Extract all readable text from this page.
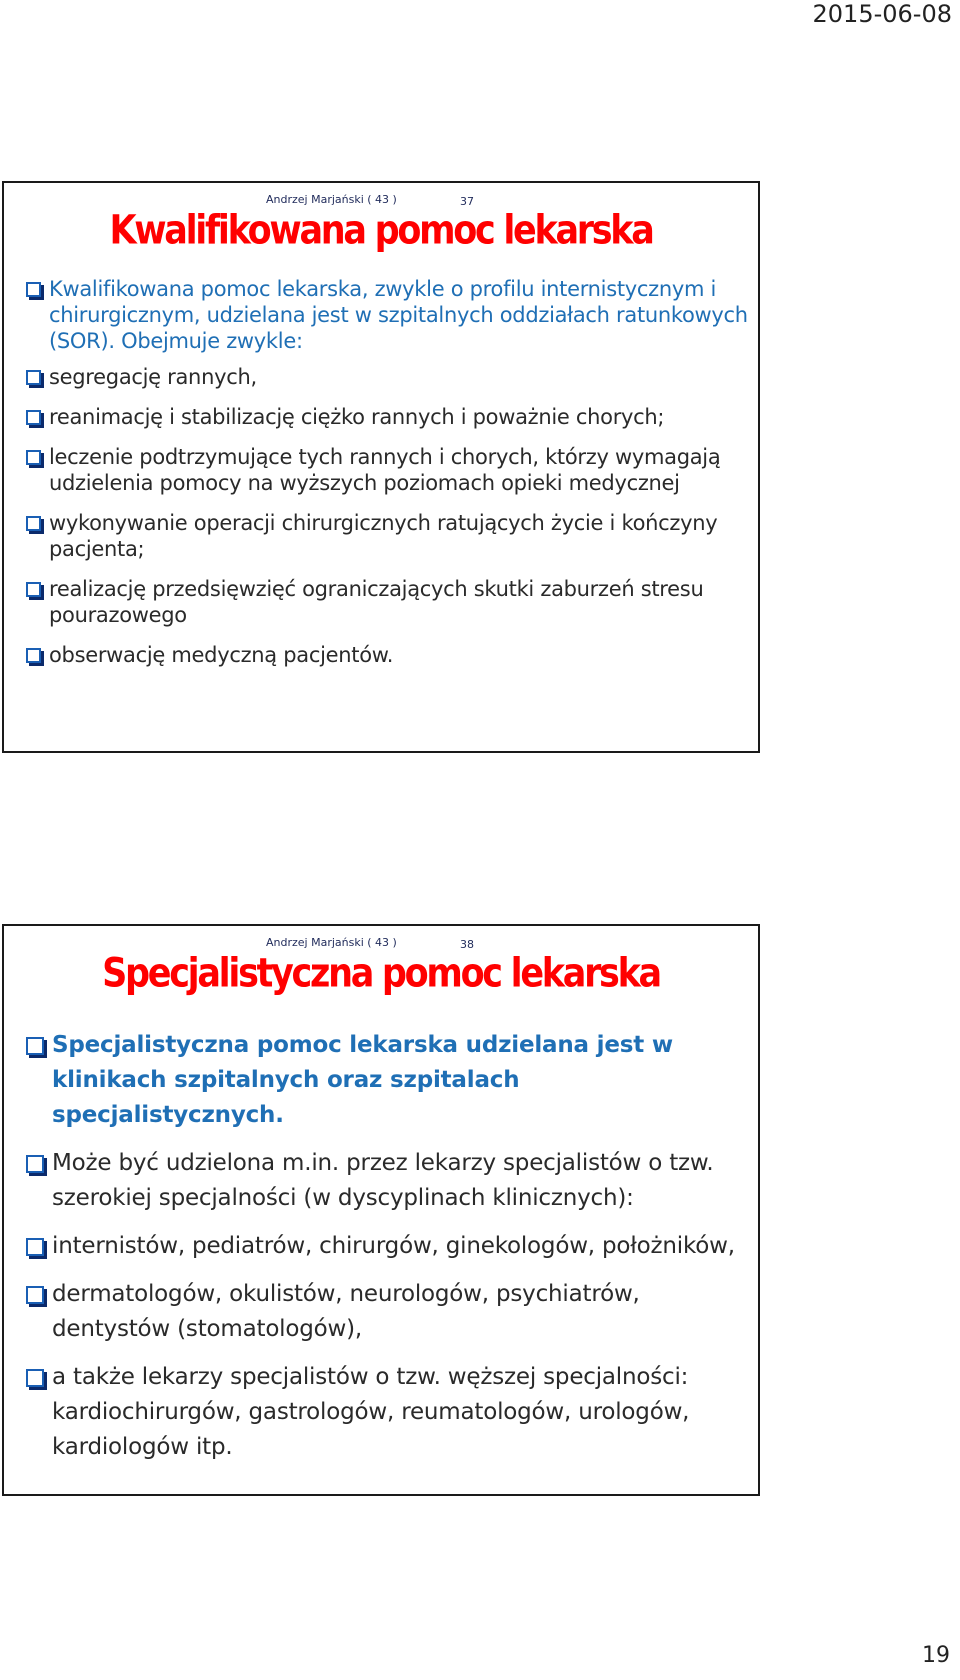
2015-06-08
Andrzej Marjański ( 43 )	37
Kwalifikowana pomoc lekarska
Kwalifikowana pomoc lekarska, zwykle o profilu internistycznym i chirurgicznym, udzielana jest w szpitalnych oddziałach ratunkowych (SOR). Obejmuje zwykle:
segregację rannych,
reanimację i stabilizację ciężko rannych i poważnie chorych;
leczenie podtrzymujące tych rannych i chorych, którzy wymagają udzielenia pomocy na wyższych poziomach opieki medycznej
wykonywanie operacji chirurgicznych ratujących życie i kończyny pacjenta;
realizację przedsięwzięć ograniczających skutki zaburzeń stresu pourazowego
obserwację medyczną pacjentów.
Andrzej Marjański ( 43 )	38
Specjalistyczna pomoc lekarska
Specjalistyczna pomoc lekarska udzielana jest w klinikach szpitalnych oraz szpitalach specjalistycznych.
Może być udzielona m.in. przez lekarzy specjalistów o tzw. szerokiej specjalności (w dyscyplinach klinicznych):
internistów, pediatrów, chirurgów, ginekologów, położników,
dermatologów, okulistów, neurologów, psychiatrów, dentystów (stomatologów),
a także lekarzy specjalistów o tzw. węższej specjalności: kardiochirurgów, gastrologów, reumatologów, urologów, kardiologów itp.
19
